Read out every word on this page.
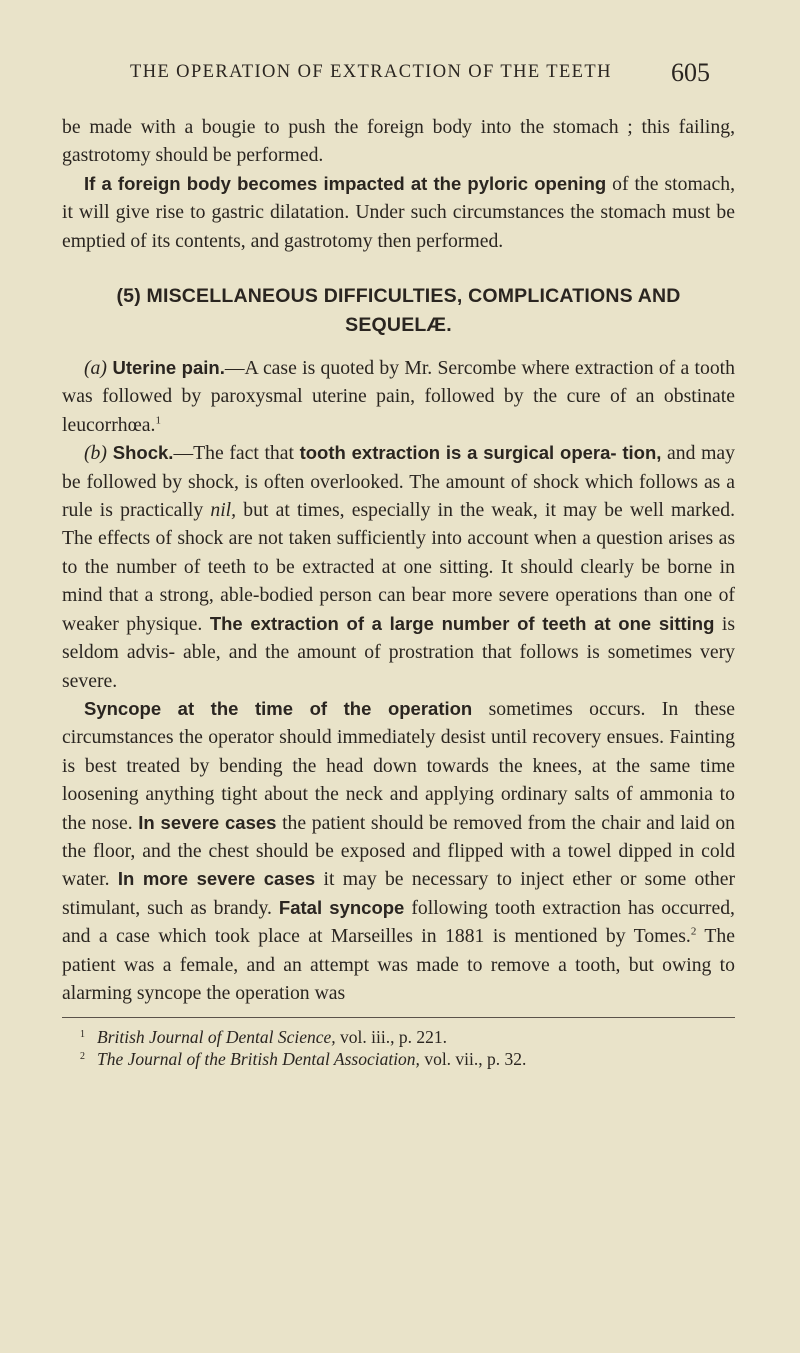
THE OPERATION OF EXTRACTION OF THE TEETH 605

be made with a bougie to push the foreign body into the stomach ; this failing, gastrotomy should be performed.

If a foreign body becomes impacted at the pyloric opening of the stomach, it will give rise to gastric dilatation. Under such circumstances the stomach must be emptied of its contents, and gastrotomy then performed.

(5) MISCELLANEOUS DIFFICULTIES, COMPLICATIONS AND SEQUELÆ.

(a) Uterine pain.—A case is quoted by Mr. Sercombe where extraction of a tooth was followed by paroxysmal uterine pain, followed by the cure of an obstinate leucorrhœa.$^1$

(b) Shock.—The fact that tooth extraction is a surgical opera- tion, and may be followed by shock, is often overlooked. The amount of shock which follows as a rule is practically nil, but at times, especially in the weak, it may be well marked. The effects of shock are not taken sufficiently into account when a question arises as to the number of teeth to be extracted at one sitting. It should clearly be borne in mind that a strong, able-bodied person can bear more severe operations than one of weaker physique. The extraction of a large number of teeth at one sitting is seldom advis- able, and the amount of prostration that follows is sometimes very severe.

Syncope at the time of the operation sometimes occurs. In these circumstances the operator should immediately desist until recovery ensues. Fainting is best treated by bending the head down towards the knees, at the same time loosening anything tight about the neck and applying ordinary salts of ammonia to the nose. In severe cases the patient should be removed from the chair and laid on the floor, and the chest should be exposed and flipped with a towel dipped in cold water. In more severe cases it may be necessary to inject ether or some other stimulant, such as brandy. Fatal syncope following tooth extraction has occurred, and a case which took place at Marseilles in 1881 is mentioned by Tomes.$^2$ The patient was a female, and an attempt was made to remove a tooth, but owing to alarming syncope the operation was

$^1$ British Journal of Dental Science, vol. iii., p. 221.

$^2$ The Journal of the British Dental Association, vol. vii., p. 32.
